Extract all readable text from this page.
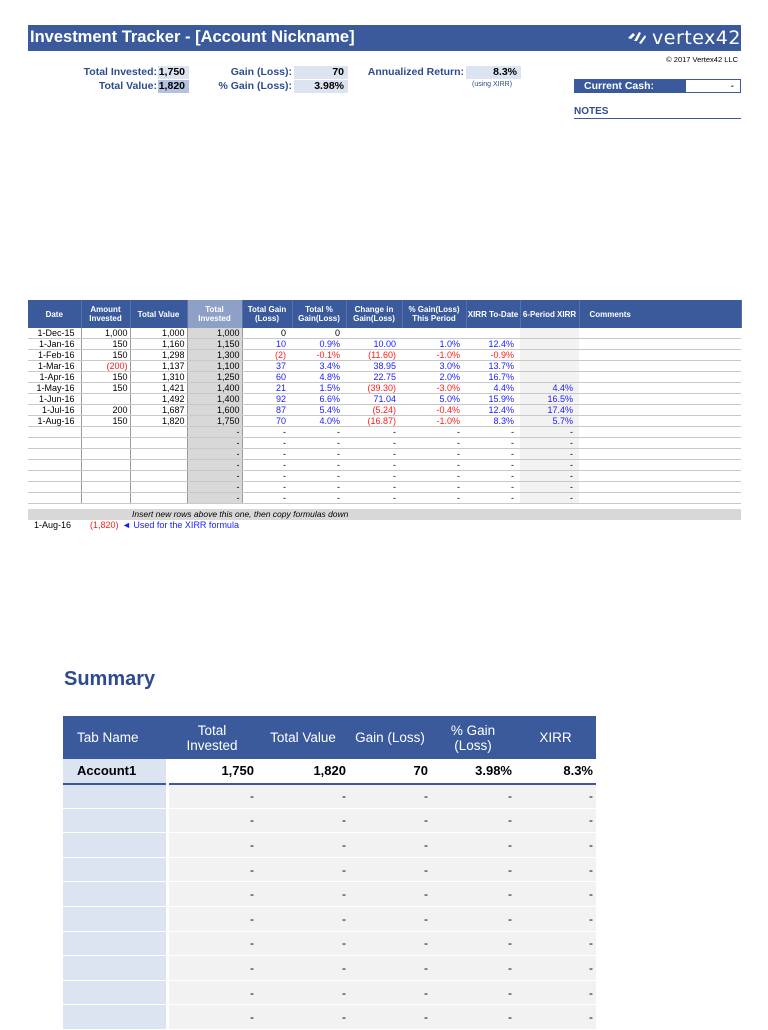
Investment Tracker - [Account Nickname]	vertex42
© 2017 Vertex42 LLC
Total Invested: 1,750
Total Value: 1,820
Gain (Loss):	70
% Gain (Loss):	3.98%
Annualized Return:	8.3%
(using XIRR)	Current Cash:	-
NOTES
Date	Amount Invested	Total Value	Total Invested	Total Gain (Loss)	Total % Gain(Loss)	Change in Gain(Loss)	% Gain(Loss) This Period	XIRR To-Date	6-Period XIRR	Comments
1-Dec-15	1,000	1,000	1,000	0	0					
1-Jan-16	150	1,160	1,150	10	0.9%	10.00	1.0%	12.4%		
1-Feb-16	150	1,298	1,300	(2)	-0.1%	(11.60)	-1.0%	-0.9%		
1-Mar-16	(200)	1,137	1,100	37	3.4%	38.95	3.0%	13.7%		
1-Apr-16	150	1,310	1,250	60	4.8%	22.75	2.0%	16.7%		
1-May-16	150	1,421	1,400	21	1.5%	(39.30)	-3.0%	4.4%	4.4%	
1-Jun-16		1,492	1,400	92	6.6%	71.04	5.0%	15.9%	16.5%	
1-Jul-16	200	1,687	1,600	87	5.4%	(5.24)	-0.4%	12.4%	17.4%	
1-Aug-16	150	1,820	1,750	70	4.0%	(16.87)	-1.0%	8.3%	5.7%	
			-	-	-	-	-	-	-	
			-	-	-	-	-	-	-	
			-	-	-	-	-	-	-	
			-	-	-	-	-	-	-	
			-	-	-	-	-	-	-	
			-	-	-	-	-	-	-	
			-	-	-	-	-	-	-	
Insert new rows above this one, then copy formulas down
1-Aug-16	(1,820) ◄ Used for the XIRR formula
Summary
Tab Name	Total Invested	Total Value	Gain (Loss)	% Gain (Loss)	XIRR
Account1	1,750	1,820	70	3.98%	8.3%
	-	-	-	-	-
	-	-	-	-	-
	-	-	-	-	-
	-	-	-	-	-
	-	-	-	-	-
	-	-	-	-	-
	-	-	-	-	-
	-	-	-	-	-
	-	-	-	-	-
	-	-	-	-	-
